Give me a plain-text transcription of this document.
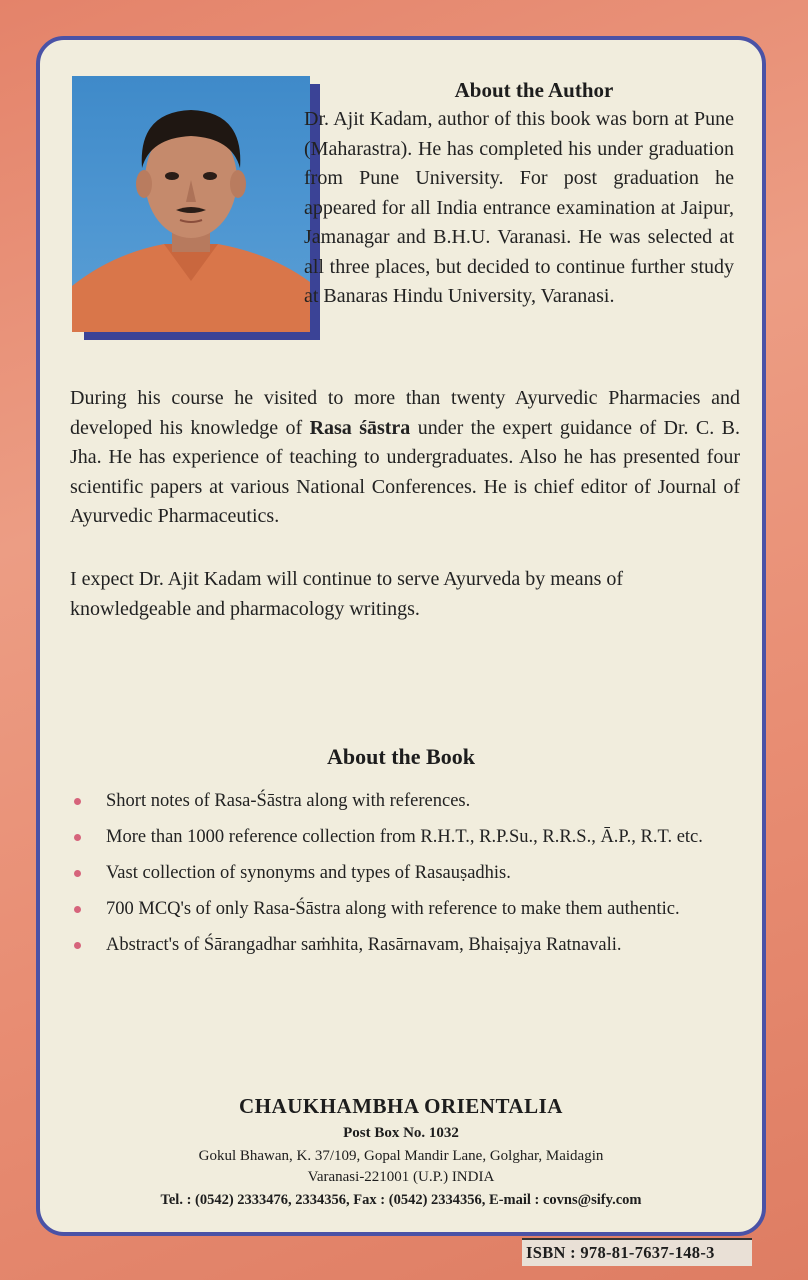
About the Author

Dr. Ajit Kadam, author of this book was born at Pune (Maharastra). He has completed his under graduation from Pune University. For post graduation he appeared for all India entrance examination at Jaipur, Jamanagar and B.H.U. Varanasi. He was selected at all three places, but decided to continue further study at Banaras Hindu University, Varanasi.

During his course he visited to more than twenty Ayurvedic Pharmacies and developed his knowledge of Rasa śāstra under the expert guidance of Dr. C. B. Jha. He has experience of teaching to undergraduates. Also he has presented four scientific papers at various National Conferences. He is chief editor of Journal of Ayurvedic Pharmaceutics.

I expect Dr. Ajit Kadam will continue to serve Ayurveda by means of knowledgeable and pharmacology writings.

About the Book
Short notes of Rasa-Śāstra along with references.
More than 1000 reference collection from R.H.T., R.P.Su., R.R.S., Ā.P., R.T. etc.
Vast collection of synonyms and types of Rasauṣadhis.
700 MCQ's of only Rasa-Śāstra along with reference to make them authentic.
Abstract's of Śārangadhar saṁhita, Rasārnavam, Bhaiṣajya Ratnavali.

CHAUKHAMBHA ORIENTALIA

Post Box No. 1032

Gokul Bhawan, K. 37/109, Gopal Mandir Lane, Golghar, Maidagin

Varanasi-221001 (U.P.) INDIA

Tel. : (0542) 2333476, 2334356, Fax : (0542) 2334356, E-mail : covns@sify.com

ISBN : 978-81-7637-148-3
